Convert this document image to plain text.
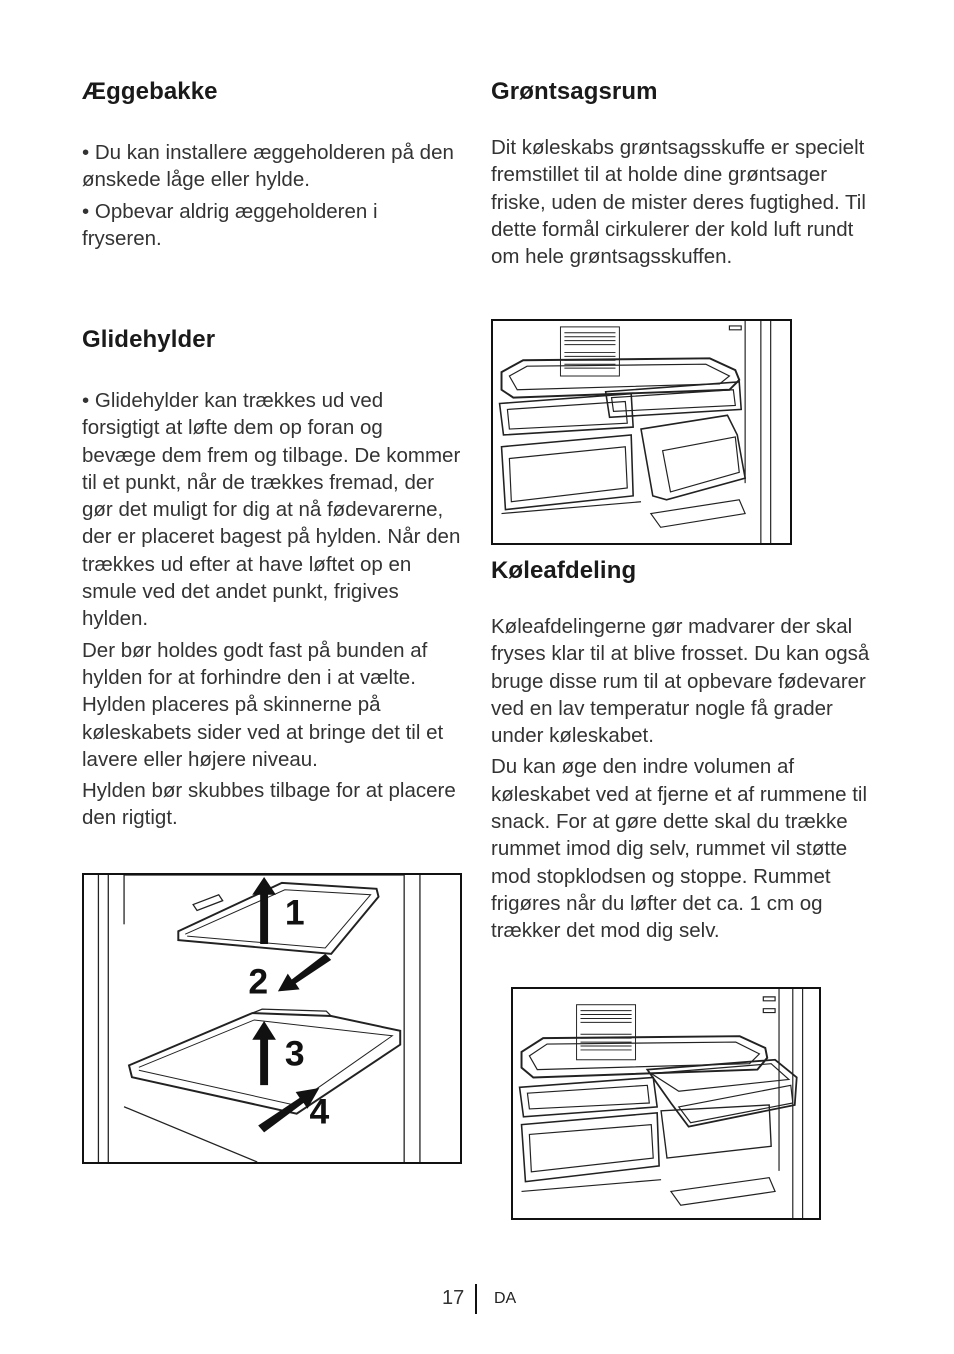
Æggebakke

• Du kan installere æggeholderen på den ønskede låge eller hylde.

• Opbevar aldrig æggeholderen i fryseren.

Glidehylder

• Glidehylder kan trækkes ud ved forsigtigt at løfte dem op foran og bevæge dem frem og tilbage. De kommer til et punkt, når de trækkes fremad, der gør det muligt for dig at nå fødevarerne, der er placeret bagest på hylden. Når den trækkes ud efter at have løftet op en smule ved det andet punkt, frigives hylden.

Der bør holdes godt fast på bunden af hylden for at forhindre den i at vælte. Hylden placeres på skinnerne på køleskabets sider ved at bringe det til et lavere eller højere niveau.

Hylden bør skubbes tilbage for at placere den rigtigt.

1
2
3
4
Grøntsagsrum

Dit køleskabs grøntsagsskuffe er specielt fremstillet til at holde dine grøntsager friske, uden de mister deres fugtighed. Til dette formål cirkulerer der kold luft rundt om hele grøntsagsskuffen.

Køleafdeling

Køleafdelingerne gør madvarer der skal fryses klar til at blive frosset. Du kan også bruge disse rum til at opbevare fødevarer ved en lav temperatur nogle få grader under køleskabet.

Du kan øge den indre volumen af køleskabet ved at fjerne et af rummene til snack. For at gøre dette skal du trække rummet imod dig selv, rummet vil støtte mod stopklodsen og stoppe. Rummet frigøres når du løfter det ca. 1 cm og trækker det mod dig selv.

17 DA
